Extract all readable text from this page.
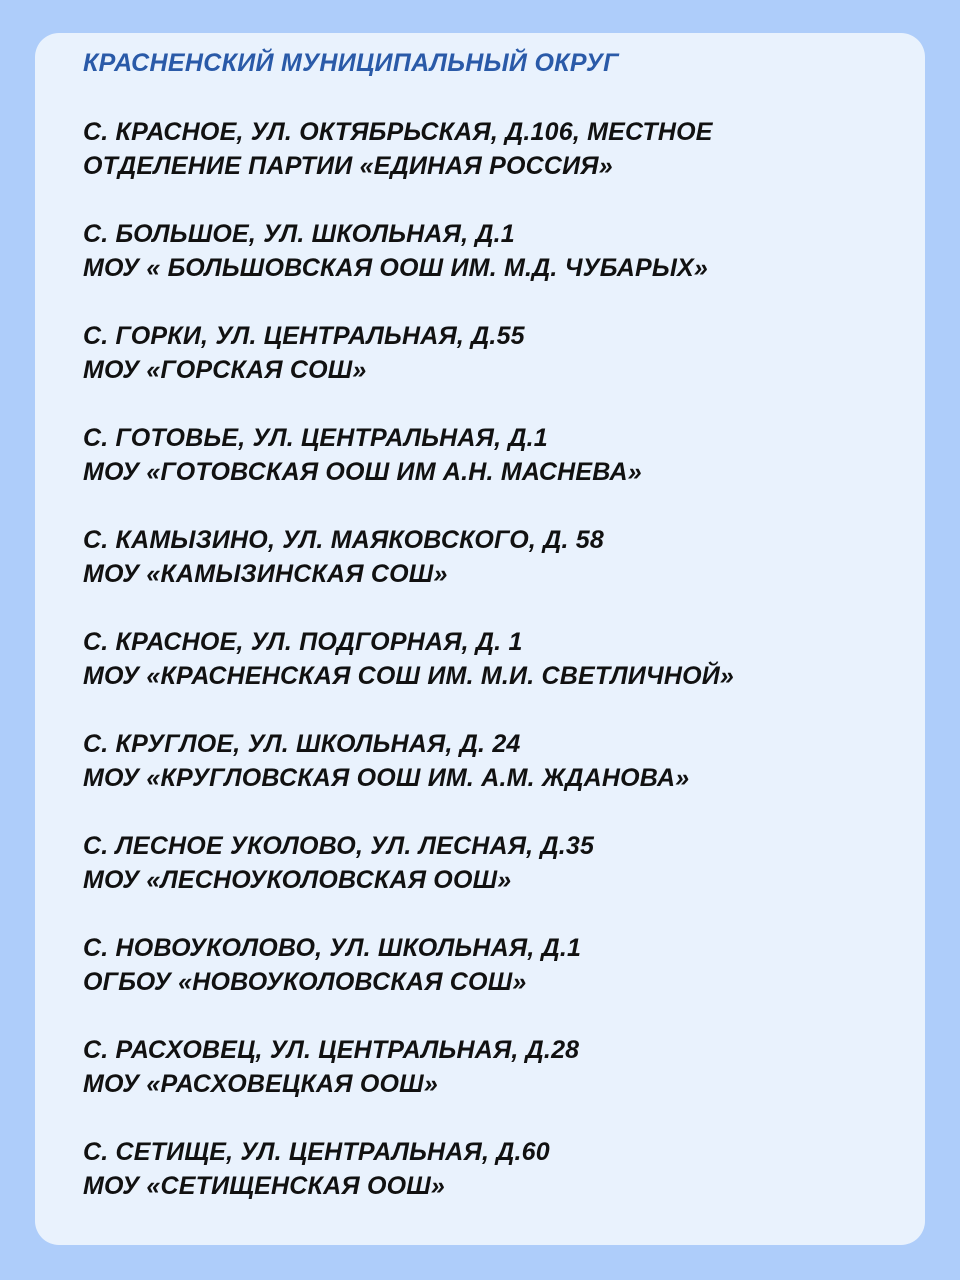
КРАСНЕНСКИЙ МУНИЦИПАЛЬНЫЙ ОКРУГ
С. КРАСНОЕ, УЛ. ОКТЯБРЬСКАЯ, Д.106, МЕСТНОЕ
ОТДЕЛЕНИЕ ПАРТИИ «ЕДИНАЯ РОССИЯ»
С. БОЛЬШОЕ, УЛ. ШКОЛЬНАЯ, Д.1
МОУ « БОЛЬШОВСКАЯ ООШ ИМ. М.Д. ЧУБАРЫХ»
С. ГОРКИ, УЛ. ЦЕНТРАЛЬНАЯ, Д.55
МОУ «ГОРСКАЯ СОШ»
С. ГОТОВЬЕ, УЛ. ЦЕНТРАЛЬНАЯ, Д.1
МОУ «ГОТОВСКАЯ ООШ ИМ А.Н. МАСНЕВА»
С. КАМЫЗИНО, УЛ. МАЯКОВСКОГО, Д. 58
МОУ «КАМЫЗИНСКАЯ СОШ»
С. КРАСНОЕ, УЛ. ПОДГОРНАЯ, Д. 1
МОУ «КРАСНЕНСКАЯ СОШ ИМ. М.И. СВЕТЛИЧНОЙ»
С. КРУГЛОЕ, УЛ. ШКОЛЬНАЯ, Д. 24
МОУ «КРУГЛОВСКАЯ ООШ ИМ. А.М. ЖДАНОВА»
С. ЛЕСНОЕ УКОЛОВО, УЛ. ЛЕСНАЯ, Д.35
МОУ «ЛЕСНОУКОЛОВСКАЯ ООШ»
С. НОВОУКОЛОВО, УЛ. ШКОЛЬНАЯ, Д.1
ОГБОУ «НОВОУКОЛОВСКАЯ СОШ»
С. РАСХОВЕЦ, УЛ. ЦЕНТРАЛЬНАЯ, Д.28
МОУ «РАСХОВЕЦКАЯ ООШ»
С. СЕТИЩЕ, УЛ. ЦЕНТРАЛЬНАЯ, Д.60
МОУ «СЕТИЩЕНСКАЯ ООШ»
